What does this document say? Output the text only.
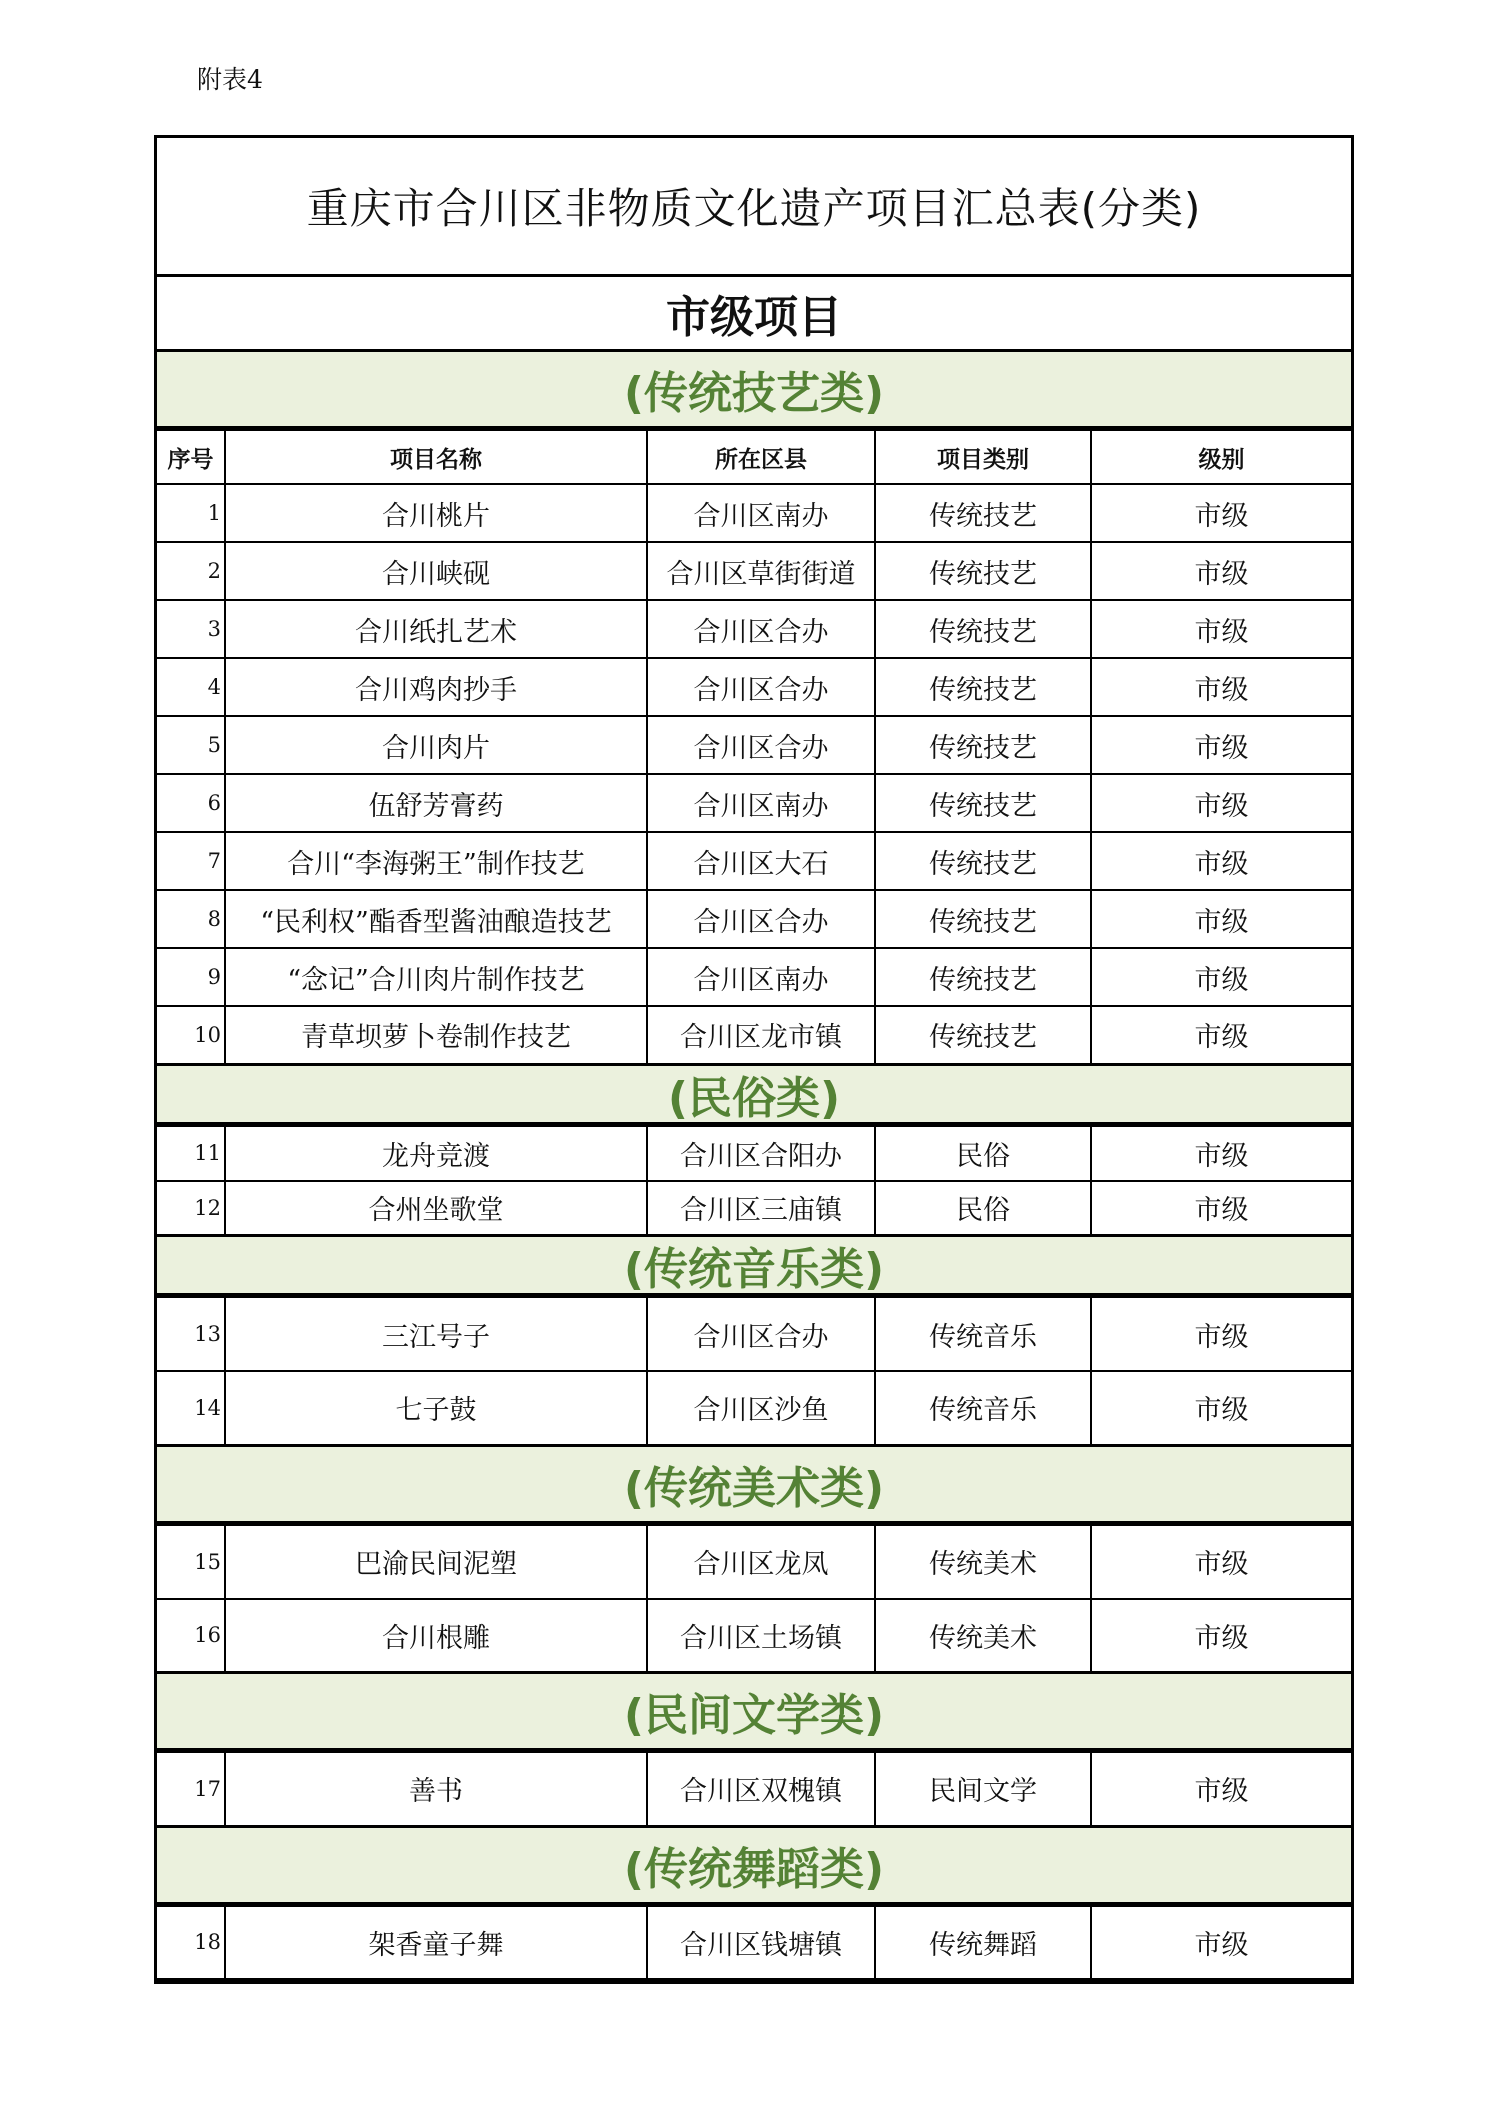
附表4
重庆市合川区非物质文化遗产项目汇总表(分类)
市级项目
(传统技艺类)
序号	项目名称	所在区县	项目类别	级别
1	合川桃片	合川区南办	传统技艺	市级
2	合川峡砚	合川区草街街道	传统技艺	市级
3	合川纸扎艺术	合川区合办	传统技艺	市级
4	合川鸡肉抄手	合川区合办	传统技艺	市级
5	合川肉片	合川区合办	传统技艺	市级
6	伍舒芳膏药	合川区南办	传统技艺	市级
7	合川“李海粥王”制作技艺	合川区大石	传统技艺	市级
8	“民利权”酯香型酱油酿造技艺	合川区合办	传统技艺	市级
9	“念记”合川肉片制作技艺	合川区南办	传统技艺	市级
10	青草坝萝卜卷制作技艺	合川区龙市镇	传统技艺	市级
(民俗类)
11	龙舟竞渡	合川区合阳办	民俗	市级
12	合州坐歌堂	合川区三庙镇	民俗	市级
(传统音乐类)
13	三江号子	合川区合办	传统音乐	市级
14	七子鼓	合川区沙鱼	传统音乐	市级
(传统美术类)
15	巴渝民间泥塑	合川区龙凤	传统美术	市级
16	合川根雕	合川区土场镇	传统美术	市级
(民间文学类)
17	善书	合川区双槐镇	民间文学	市级
(传统舞蹈类)
18	架香童子舞	合川区钱塘镇	传统舞蹈	市级
